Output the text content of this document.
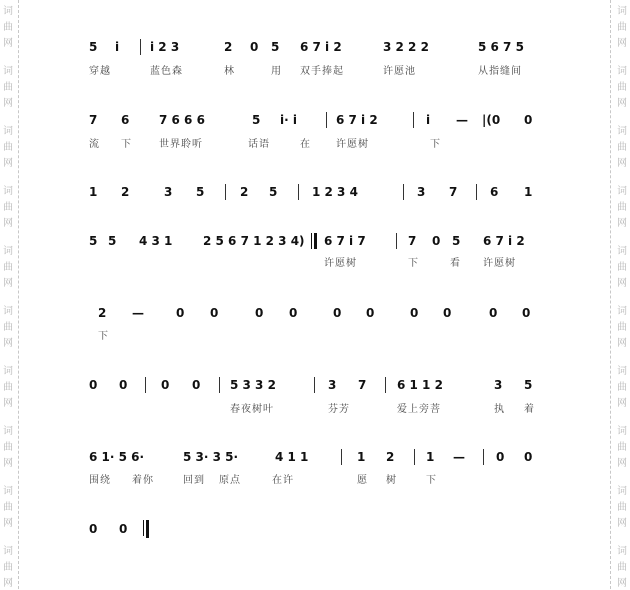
词
曲
网
词
曲
网
词
曲
网
词
曲
网
词
曲
网
词
曲
网
词
曲
网
词
曲
网
词
曲
网
词
曲
网
词
曲
网
词
曲
网
词
曲
网
词
曲
网
词
曲
网
词
曲
网
词
曲
网
词
曲
网
词
曲
网
词
曲
网
5 i	i 2 3	2 0 5 6 7 i 2	3 2 2 2	5 6 7 5
穿越	蓝色森	林	用 双手捧起	许愿池	从指缝间
7 6 7 6 6 6	5 i· i	6 7 i 2	i — |(0 0
流 下	世界聆听	话语	在	许愿树	下
1 2	3 5	2 5	1 2 3 4	3 7	6 1
5 5 4 3 1	2 5 6 7 1 2 3 4) 6 7 i 7	7 0 5 6 7 i 2
许愿树	下	看 许愿树
2 —	0 0	0 0	0 0	0 0	0 0
下
0 0	0 0 5 3 3 2	3 7	6 1 1 2	3 5
春夜树叶	芬芳	爱上旁菩	执 着
6 1· 5 6·	5 3· 3 5·	4 1 1	1 2	1 —	0 0
围绕 着你	回到 原点	在许	愿 树	下
0 0
